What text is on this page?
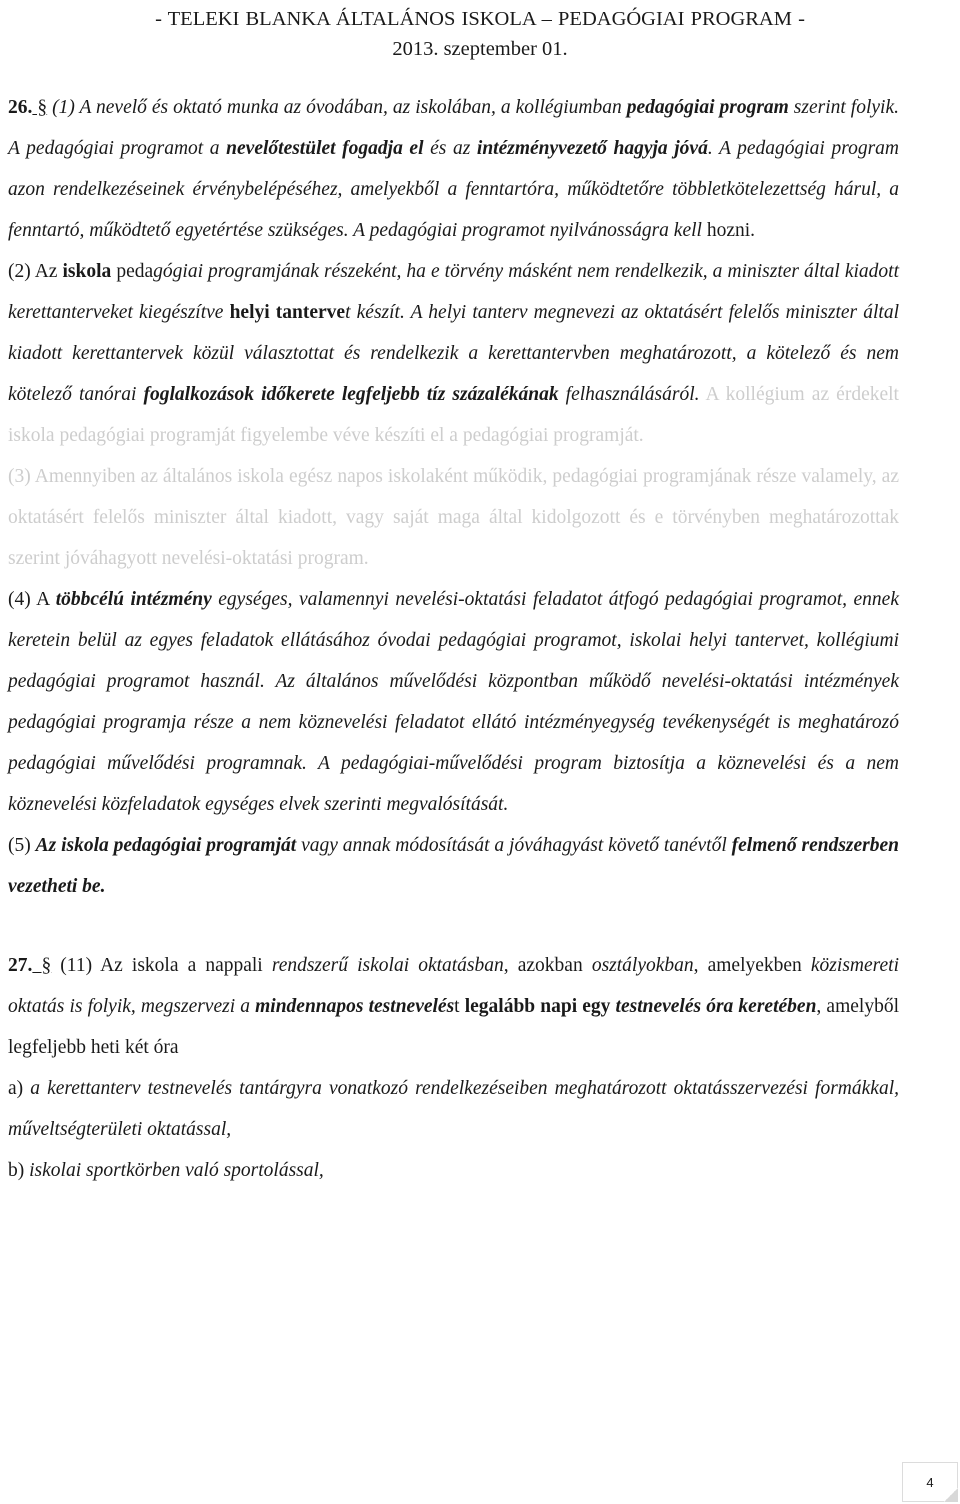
- TELEKI BLANKA ÁLTALÁNOS ISKOLA – PEDAGÓGIAI PROGRAM -
2013. szeptember 01.

26. § (1) A nevelő és oktató munka az óvodában, az iskolában, a kollégiumban pedagógiai program szerint folyik. A pedagógiai programot a nevelőtestület fogadja el és az intézményvezető hagyja jóvá. A pedagógiai program azon rendelkezéseinek érvénybelépéséhez, amelyekből a fenntartóra, működtetőre többletkötelezettség hárul, a fenntartó, működtető egyetértése szükséges. A pedagógiai programot nyilvánosságra kell hozni.

(2) Az iskola pedagógiai programjának részeként, ha e törvény másként nem rendelkezik, a miniszter által kiadott kerettanterveket kiegészítve helyi tantervet készít. A helyi tanterv megnevezi az oktatásért felelős miniszter által kiadott kerettantervek közül választottat és rendelkezik a kerettantervben meghatározott, a kötelező és nem kötelező tanórai foglalkozások időkerete legfeljebb tíz százalékának felhasználásáról. A kollégium az érdekelt iskola pedagógiai programját figyelembe véve készíti el a pedagógiai programját.

(3) Amennyiben az általános iskola egész napos iskolaként működik, pedagógiai programjának része valamely, az oktatásért felelős miniszter által kiadott, vagy saját maga által kidolgozott és e törvényben meghatározottak szerint jóváhagyott nevelési-oktatási program.

(4) A többcélú intézmény egységes, valamennyi nevelési-oktatási feladatot átfogó pedagógiai programot, ennek keretein belül az egyes feladatok ellátásához óvodai pedagógiai programot, iskolai helyi tantervet, kollégiumi pedagógiai programot használ. Az általános művelődési központban működő nevelési-oktatási intézmények pedagógiai programja része a nem köznevelési feladatot ellátó intézményegység tevékenységét is meghatározó pedagógiai művelődési programnak. A pedagógiai-művelődési program biztosítja a köznevelési és a nem köznevelési közfeladatok egységes elvek szerinti megvalósítását.

(5) Az iskola pedagógiai programját vagy annak módosítását a jóváhagyást követő tanévtől felmenő rendszerben vezetheti be.

27. § (11) Az iskola a nappali rendszerű iskolai oktatásban, azokban osztályokban, amelyekben közismereti oktatás is folyik, megszervezi a mindennapos testnevelést legalább napi egy testnevelés óra keretében, amelyből legfeljebb heti két óra

a) a kerettanterv testnevelés tantárgyra vonatkozó rendelkezéseiben meghatározott oktatásszervezési formákkal, műveltségterületi oktatással,

b) iskolai sportkörben való sportolással,

4
